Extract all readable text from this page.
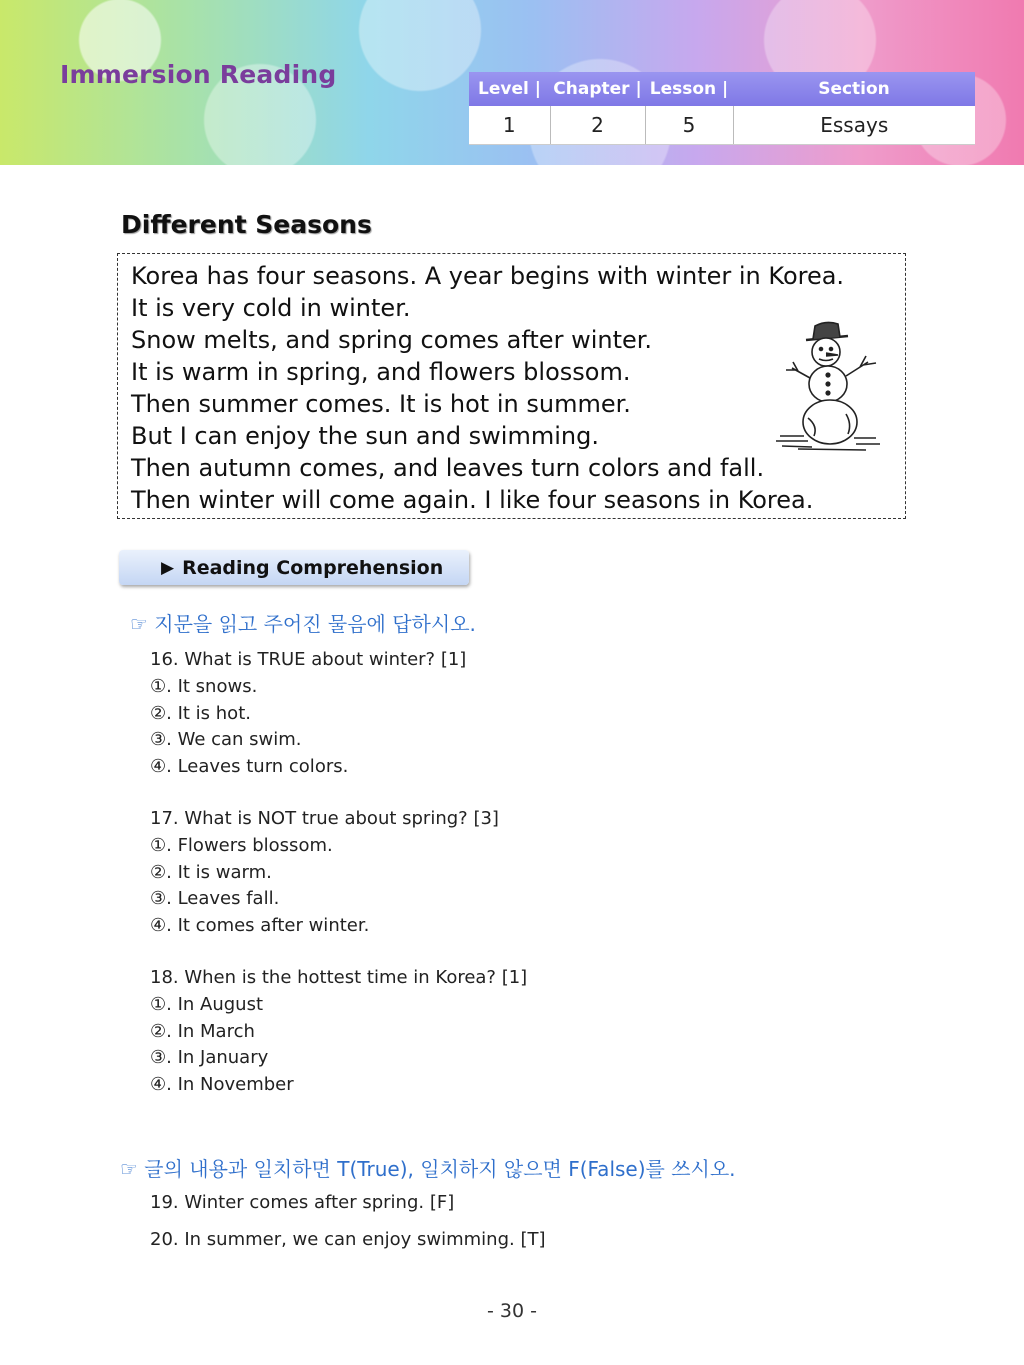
Immersion Reading	Level |	Chapter |	Lesson |	Section
1	2	5	Essays
Different Seasons
Korea has four seasons. A year begins with winter in Korea.
It is very cold in winter.
Snow melts, and spring comes after winter.
It is warm in spring, and flowers blossom.
Then summer comes. It is hot in summer.
But I can enjoy the sun and swimming.
Then autumn comes, and leaves turn colors and fall.
Then winter will come again. I like four seasons in Korea.
▶ Reading Comprehension
☞ 지문을 읽고 주어진 물음에 답하시오.
16. What is TRUE about winter? [1]
①. It snows.
②. It is hot.
③. We can swim.
④. Leaves turn colors.
17. What is NOT true about spring? [3]
①. Flowers blossom.
②. It is warm.
③. Leaves fall.
④. It comes after winter.
18. When is the hottest time in Korea? [1]
①. In August
②. In March
③. In January
④. In November
☞ 글의 내용과 일치하면 T(True), 일치하지 않으면 F(False)를 쓰시오.
19. Winter comes after spring. [F]
20. In summer, we can enjoy swimming. [T]
- 30 -
